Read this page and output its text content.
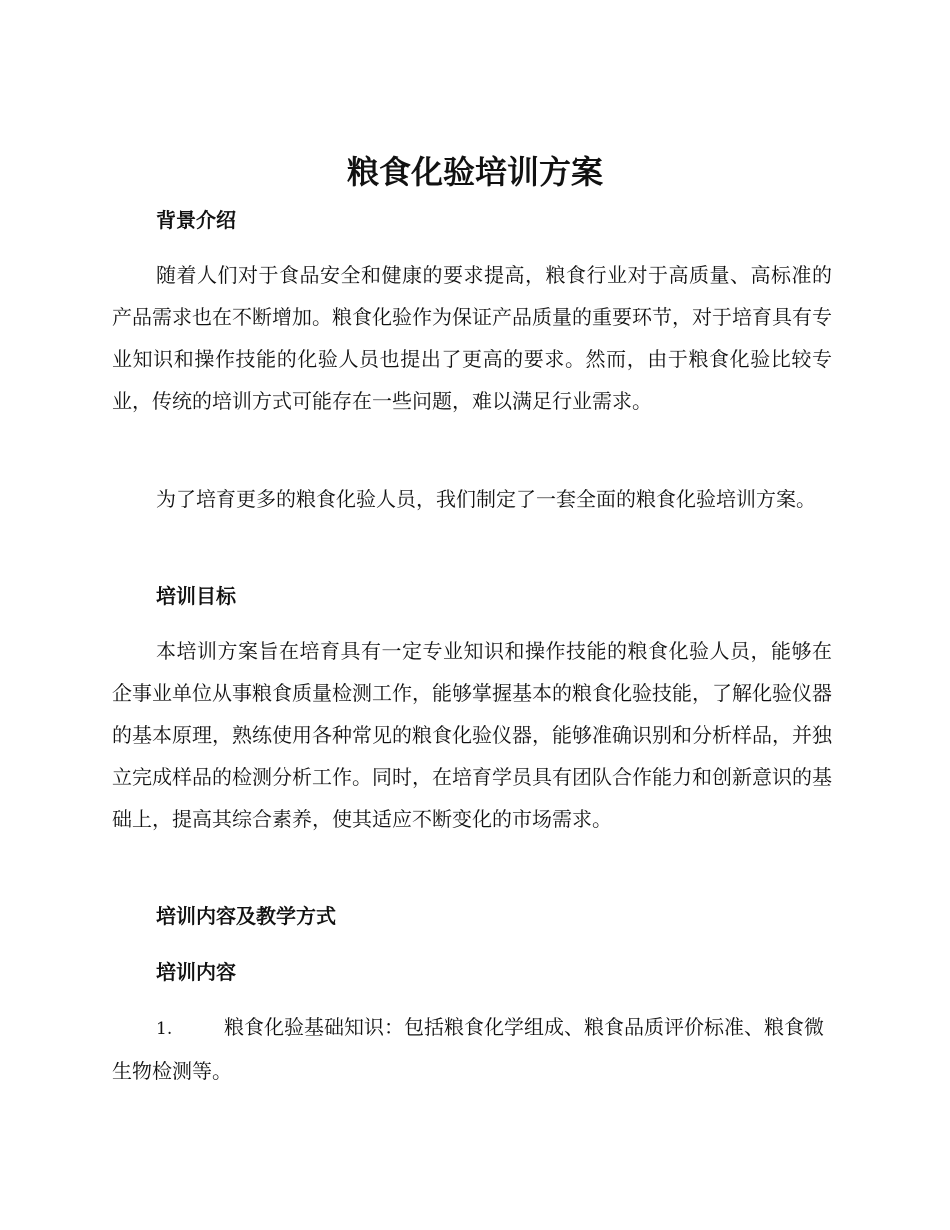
粮食化验培训方案
背景介绍

随着人们对于食品安全和健康的要求提高，粮食行业对于高质量、高标准的产品需求也在不断增加。粮食化验作为保证产品质量的重要环节，对于培育具有专业知识和操作技能的化验人员也提出了更高的要求。然而，由于粮食化验比较专业，传统的培训方式可能存在一些问题，难以满足行业需求。

为了培育更多的粮食化验人员，我们制定了一套全面的粮食化验培训方案。

培训目标

本培训方案旨在培育具有一定专业知识和操作技能的粮食化验人员，能够在企事业单位从事粮食质量检测工作，能够掌握基本的粮食化验技能，了解化验仪器的基本原理，熟练使用各种常见的粮食化验仪器，能够准确识别和分析样品，并独立完成样品的检测分析工作。同时，在培育学员具有团队合作能力和创新意识的基础上，提高其综合素养，使其适应不断变化的市场需求。

培训内容及教学方式
培训内容

1.	粮食化验基础知识：包括粮食化学组成、粮食品质评价标准、粮食微生物检测等。
